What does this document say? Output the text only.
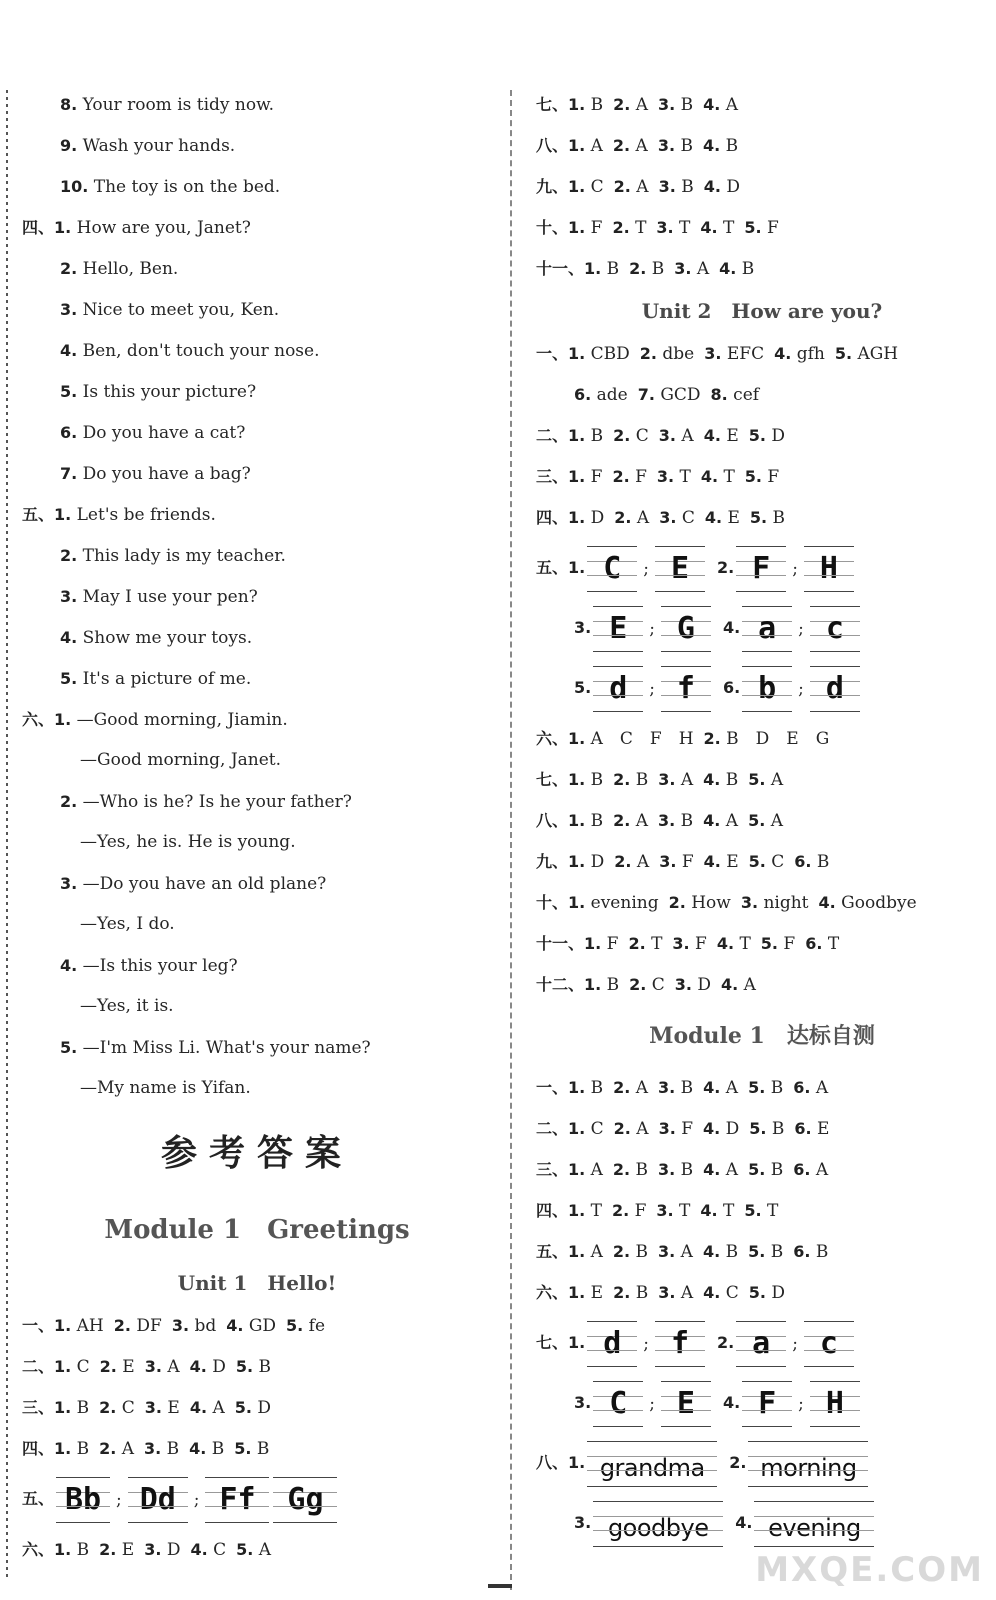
8. Your room is tidy now.
9. Wash your hands.
10. The toy is on the bed.
四、1. How are you, Janet?
2. Hello, Ben.
3. Nice to meet you, Ken.
4. Ben, don't touch your nose.
5. Is this your picture?
6. Do you have a cat?
7. Do you have a bag?
五、1. Let's be friends.
2. This lady is my teacher.
3. May I use your pen?
4. Show me your toys.
5. It's a picture of me.
六、1. —Good morning, Jiamin.
—Good morning, Janet.
2. —Who is he? Is he your father?
—Yes, he is. He is young.
3. —Do you have an old plane?
—Yes, I do.
4. —Is this your leg?
—Yes, it is.
5. —I'm Miss Li. What's your name?
—My name is Yifan.
参考答案
Module 1　Greetings
Unit 1　Hello!
一、1. AH 2. DF 3. bd 4. GD 5. fe
二、1. C 2. E 3. A 4. D 5. B
三、1. B 2. C 3. E 4. A 5. D
四、1. B 2. A 3. B 4. B 5. B
五、 Bb ; Dd	; Ff	Gg
六、1. B 2. E 3. D 4. C 5. A
七、1. B 2. A 3. B 4. A
八、1. A 2. A 3. B 4. B
九、1. C 2. A 3. B 4. D
十、1. F 2. T 3. T 4. T 5. F
十一、1. B 2. B 3. A 4. B
Unit 2　How are you?
一、1. CBD 2. dbe 3. EFC 4. gfh 5. AGH
6. ade 7. GCD 8. cef
二、1. B 2. C 3. A 4. E 5. D
三、1. F 2. F 3. T 4. T 5. F
四、1. D 2. A 3. C 4. E 5. B
五、1. C	; E	2. F	; H
3. E	; G	4. a	; c
5. d	; f	6. b	; d
六、1. A　C　F　H 2. B　D　E　G
七、1. B 2. B 3. A 4. B 5. A
八、1. B 2. A 3. B 4. A 5. A
九、1. D 2. A 3. F 4. E 5. C 6. B
十、1. evening 2. How 3. night 4. Goodbye
十一、1. F 2. T 3. F 4. T 5. F 6. T
十二、1. B 2. C 3. D 4. A
Module 1　达标自测
一、1. B 2. A 3. B 4. A 5. B 6. A
二、1. C 2. A 3. F 4. D 5. B 6. E
三、1. A 2. B 3. B 4. A 5. B 6. A
四、1. T 2. F 3. T 4. T 5. T
五、1. A 2. B 3. A 4. B 5. B 6. B
六、1. E 2. B 3. A 4. C 5. D
七、1. d	; f	2. a	; c
3. C	; E	4. F	; H
八、1. grandma	2. morning
3. goodbye	4. evening
MXQE.COM
